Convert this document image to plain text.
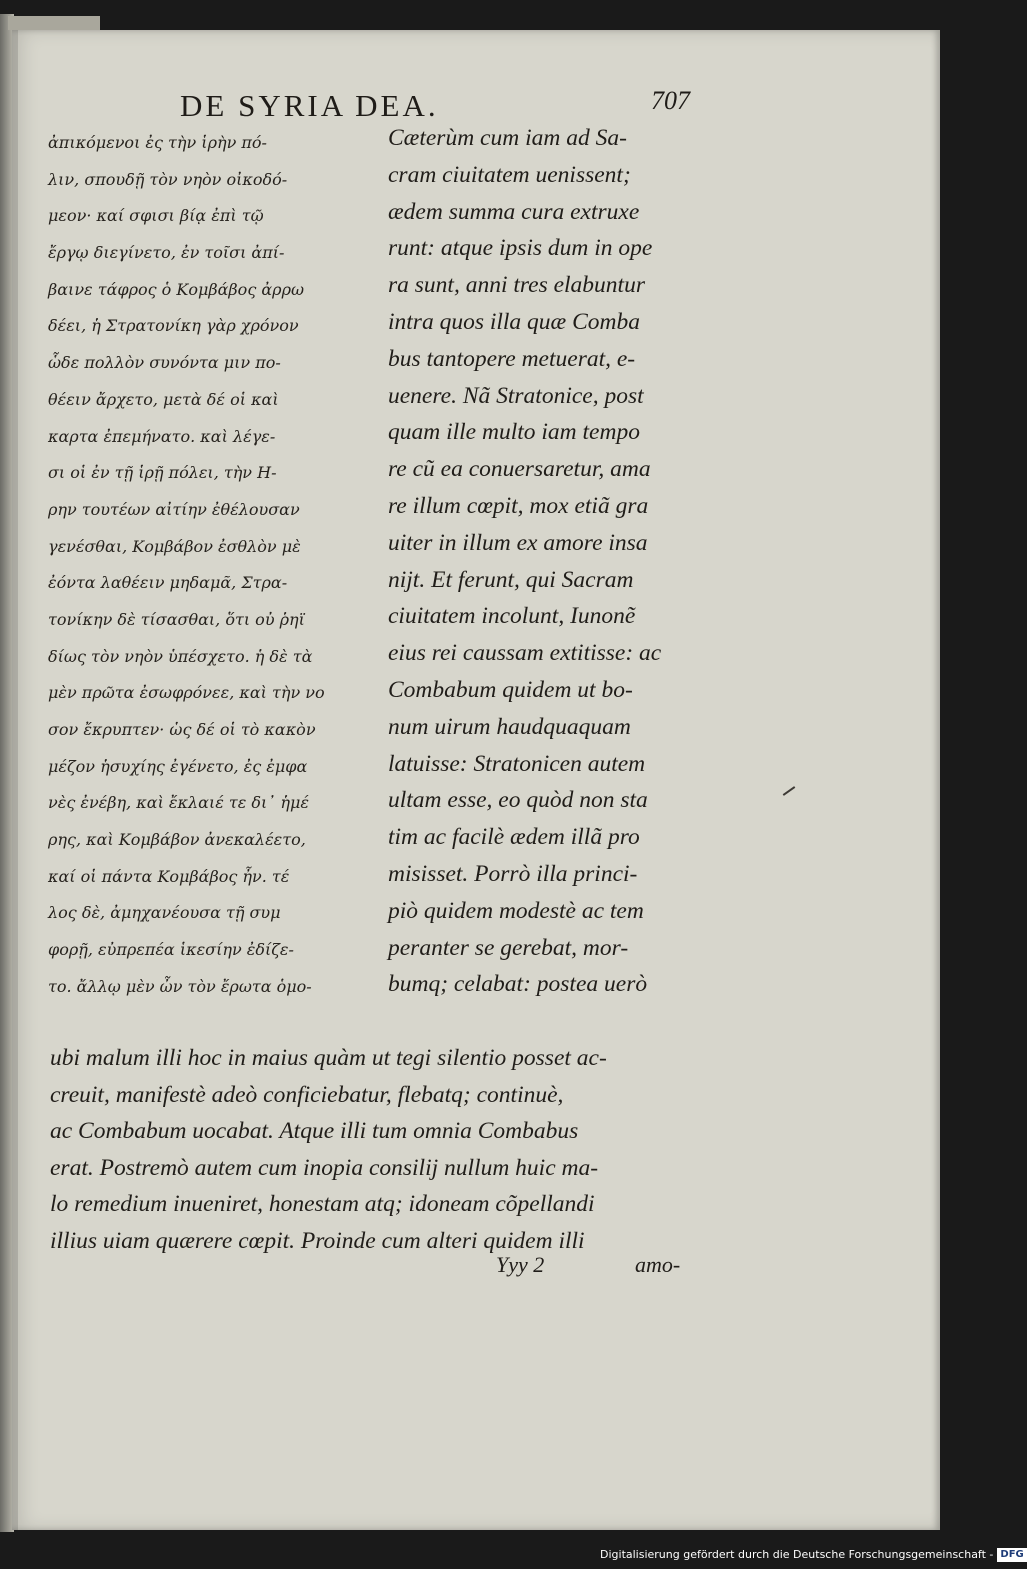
DE SYRIA DEA.	707
ἀπικόμενοι ἐς τὴν ἱρὴν πό-
λιν, σπουδῇ τὸν νηὸν οἰκοδό-
μεον· καί σφισι βίᾳ ἐπὶ τῷ
ἔργῳ διεγίνετο, ἐν τοῖσι ἀπί-
βαινε τάφρος ὁ Κομβάβος ἀρρω
δέει, ἡ Στρατονίκη γὰρ χρόνον
ὧδε πολλὸν συνόντα μιν πο-
θέειν ἄρχετο, μετὰ δέ οἱ καὶ
καρτα ἐπεμήνατο. καὶ λέγε-
σι οἱ ἐν τῇ ἱρῇ πόλει, τὴν Η-
ρην τουτέων αἰτίην ἐθέλουσαν
γενέσθαι, Κομβάβον ἐσθλὸν μὲ
ἐόντα λαθέειν μηδαμᾶ, Στρα-
τονίκην δὲ τίσασθαι, ὅτι οὐ ῥηϊ
δίως τὸν νηὸν ὑπέσχετο. ἡ δὲ τὰ
μὲν πρῶτα ἐσωφρόνεε, καὶ τὴν νο
σον ἔκρυπτεν· ὡς δέ οἱ τὸ κακὸν
μέζον ἡσυχίης ἐγένετο, ἐς ἐμφα
νὲς ἐνέβη, καὶ ἔκλαιέ τε δι᾽ ἡμέ
ρης, καὶ Κομβάβον ἀνεκαλέετο,
καί οἱ πάντα Κομβάβος ἦν. τέ
λος δὲ, ἀμηχανέουσα τῇ συμ
φορῇ, εὐπρεπέα ἱκεσίην ἐδίζε-
το. ἄλλῳ μὲν ὦν τὸν ἔρωτα ὁμο-
Cæterùm cum iam ad Sa-
cram ciuitatem uenissent;
ædem summa cura extruxe
runt: atque ipsis dum in ope
ra sunt, anni tres elabuntur
intra quos illa quæ Comba
bus tantopere metuerat, e-
uenere. Nã Stratonice, post
quam ille multo iam tempo
re cũ ea conuersaretur, ama
re illum cœpit, mox etiã gra
uiter in illum ex amore insa
nijt. Et ferunt, qui Sacram
ciuitatem incolunt, Iunonẽ
eius rei caussam extitisse: ac
Combabum quidem ut bo-
num uirum haudquaquam
latuisse: Stratonicen autem
ultam esse, eo quòd non sta
tim ac facilè ædem illã pro
misisset. Porrò illa princi-
piò quidem modestè ac tem
peranter se gerebat, mor-
bumq; celabat: postea uerò
ubi malum illi hoc in maius quàm ut tegi silentio posset ac-
creuit, manifestè adeò conficiebatur, flebatq; continuè,
ac Combabum uocabat. Atque illi tum omnia Combabus
erat. Postremò autem cum inopia consilij nullum huic ma-
lo remedium inueniret, honestam atq; idoneam cõpellandi
illius uiam quærere cœpit. Proinde cum alteri quidem illi
Yyy 2	amo-
Digitalisierung gefördert durch die Deutsche Forschungsgemeinschaft - DFG
